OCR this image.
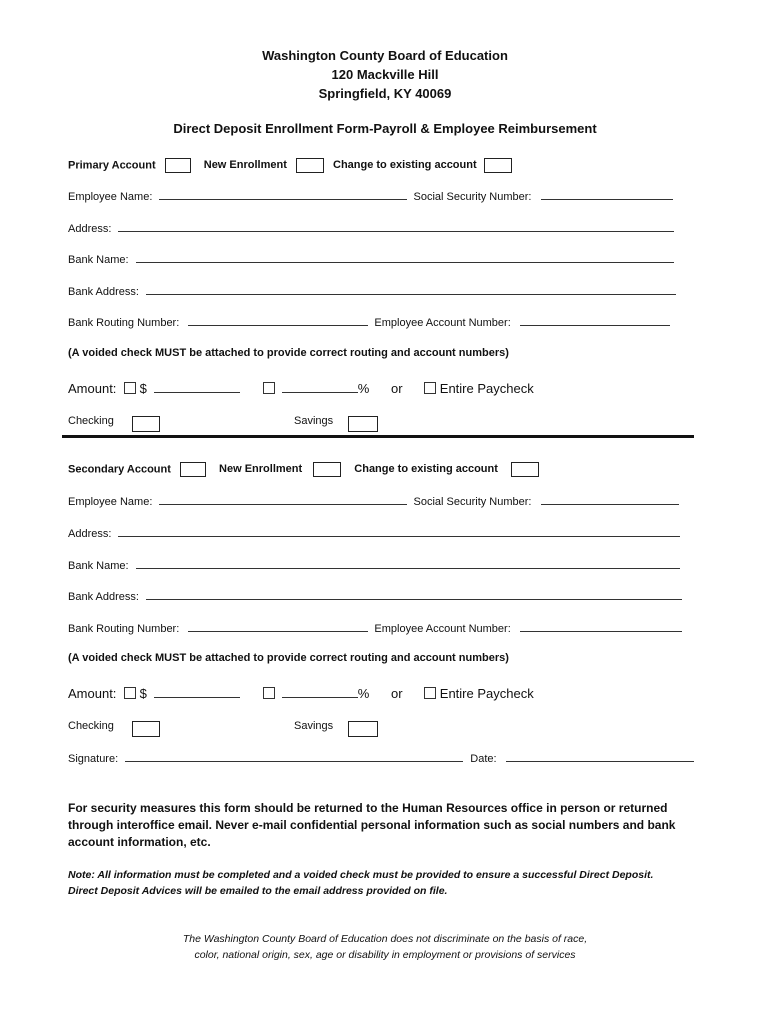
Washington County Board of Education
120 Mackville Hill
Springfield, KY 40069
Direct Deposit Enrollment Form-Payroll & Employee Reimbursement
Primary Account	New Enrollment	Change to existing account
Employee Name:	Social Security Number:
Address:
Bank Name:
Bank Address:
Bank Routing Number:	Employee Account Number:
(A voided check MUST be attached to provide correct routing and account numbers)
Amount: $	% or	Entire Paycheck
Checking	Savings
Secondary Account	New Enrollment	Change to existing account
Employee Name:	Social Security Number:
Address:
Bank Name:
Bank Address:
Bank Routing Number:	Employee Account Number:
(A voided check MUST be attached to provide correct routing and account numbers)
Amount: $	% or	Entire Paycheck
Checking	Savings
Signature:	Date:
For security measures this form should be returned to the Human Resources office in person or returned through interoffice email. Never e-mail confidential personal information such as social numbers and bank account information, etc.
Note: All information must be completed and a voided check must be provided to ensure a successful Direct Deposit.
Direct Deposit Advices will be emailed to the email address provided on file.
The Washington County Board of Education does not discriminate on the basis of race,
color, national origin, sex, age or disability in employment or provisions of services
